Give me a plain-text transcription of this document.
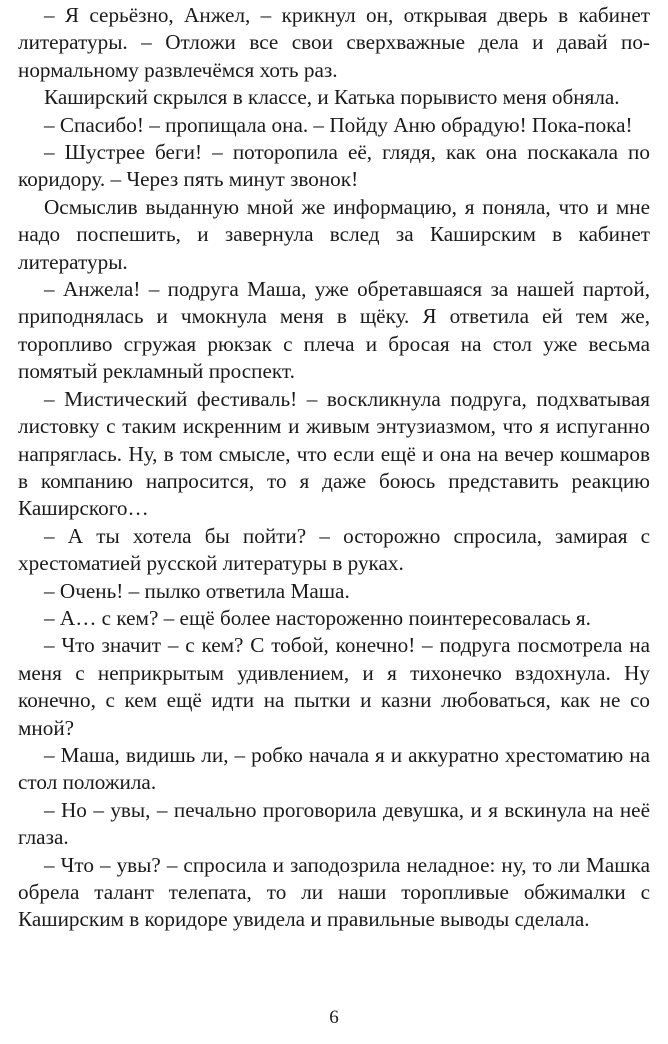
– Я серьёзно, Анжел, – крикнул он, открывая дверь в кабинет литературы. – Отложи все свои сверхважные дела и давай по-нормальному развлечёмся хоть раз.

Каширский скрылся в классе, и Катька порывисто меня обняла.

– Спасибо! – пропищала она. – Пойду Аню обрадую! Пока-пока!

– Шустрее беги! – поторопила её, глядя, как она поскакала по коридору. – Через пять минут звонок!

Осмыслив выданную мной же информацию, я поняла, что и мне надо поспешить, и завернула вслед за Каширским в кабинет литературы.

– Анжела! – подруга Маша, уже обретавшаяся за нашей партой, приподнялась и чмокнула меня в щёку. Я ответила ей тем же, торопливо сгружая рюкзак с плеча и бросая на стол уже весьма помятый рекламный проспект.

– Мистический фестиваль! – воскликнула подруга, подхватывая листовку с таким искренним и живым энтузиазмом, что я испуганно напряглась. Ну, в том смысле, что если ещё и она на вечер кошмаров в компанию напросится, то я даже боюсь представить реакцию Каширского…

– А ты хотела бы пойти? – осторожно спросила, замирая с хрестоматией русской литературы в руках.

– Очень! – пылко ответила Маша.

– А… с кем? – ещё более настороженно поинтересовалась я.

– Что значит – с кем? С тобой, конечно! – подруга посмотрела на меня с неприкрытым удивлением, и я тихонечко вздохнула. Ну конечно, с кем ещё идти на пытки и казни любоваться, как не со мной?

– Маша, видишь ли, – робко начала я и аккуратно хрестоматию на стол положила.

– Но – увы, – печально проговорила девушка, и я вскинула на неё глаза.

– Что – увы? – спросила и заподозрила неладное: ну, то ли Машка обрела талант телепата, то ли наши торопливые обжималки с Каширским в коридоре увидела и правильные выводы сделала.

6
